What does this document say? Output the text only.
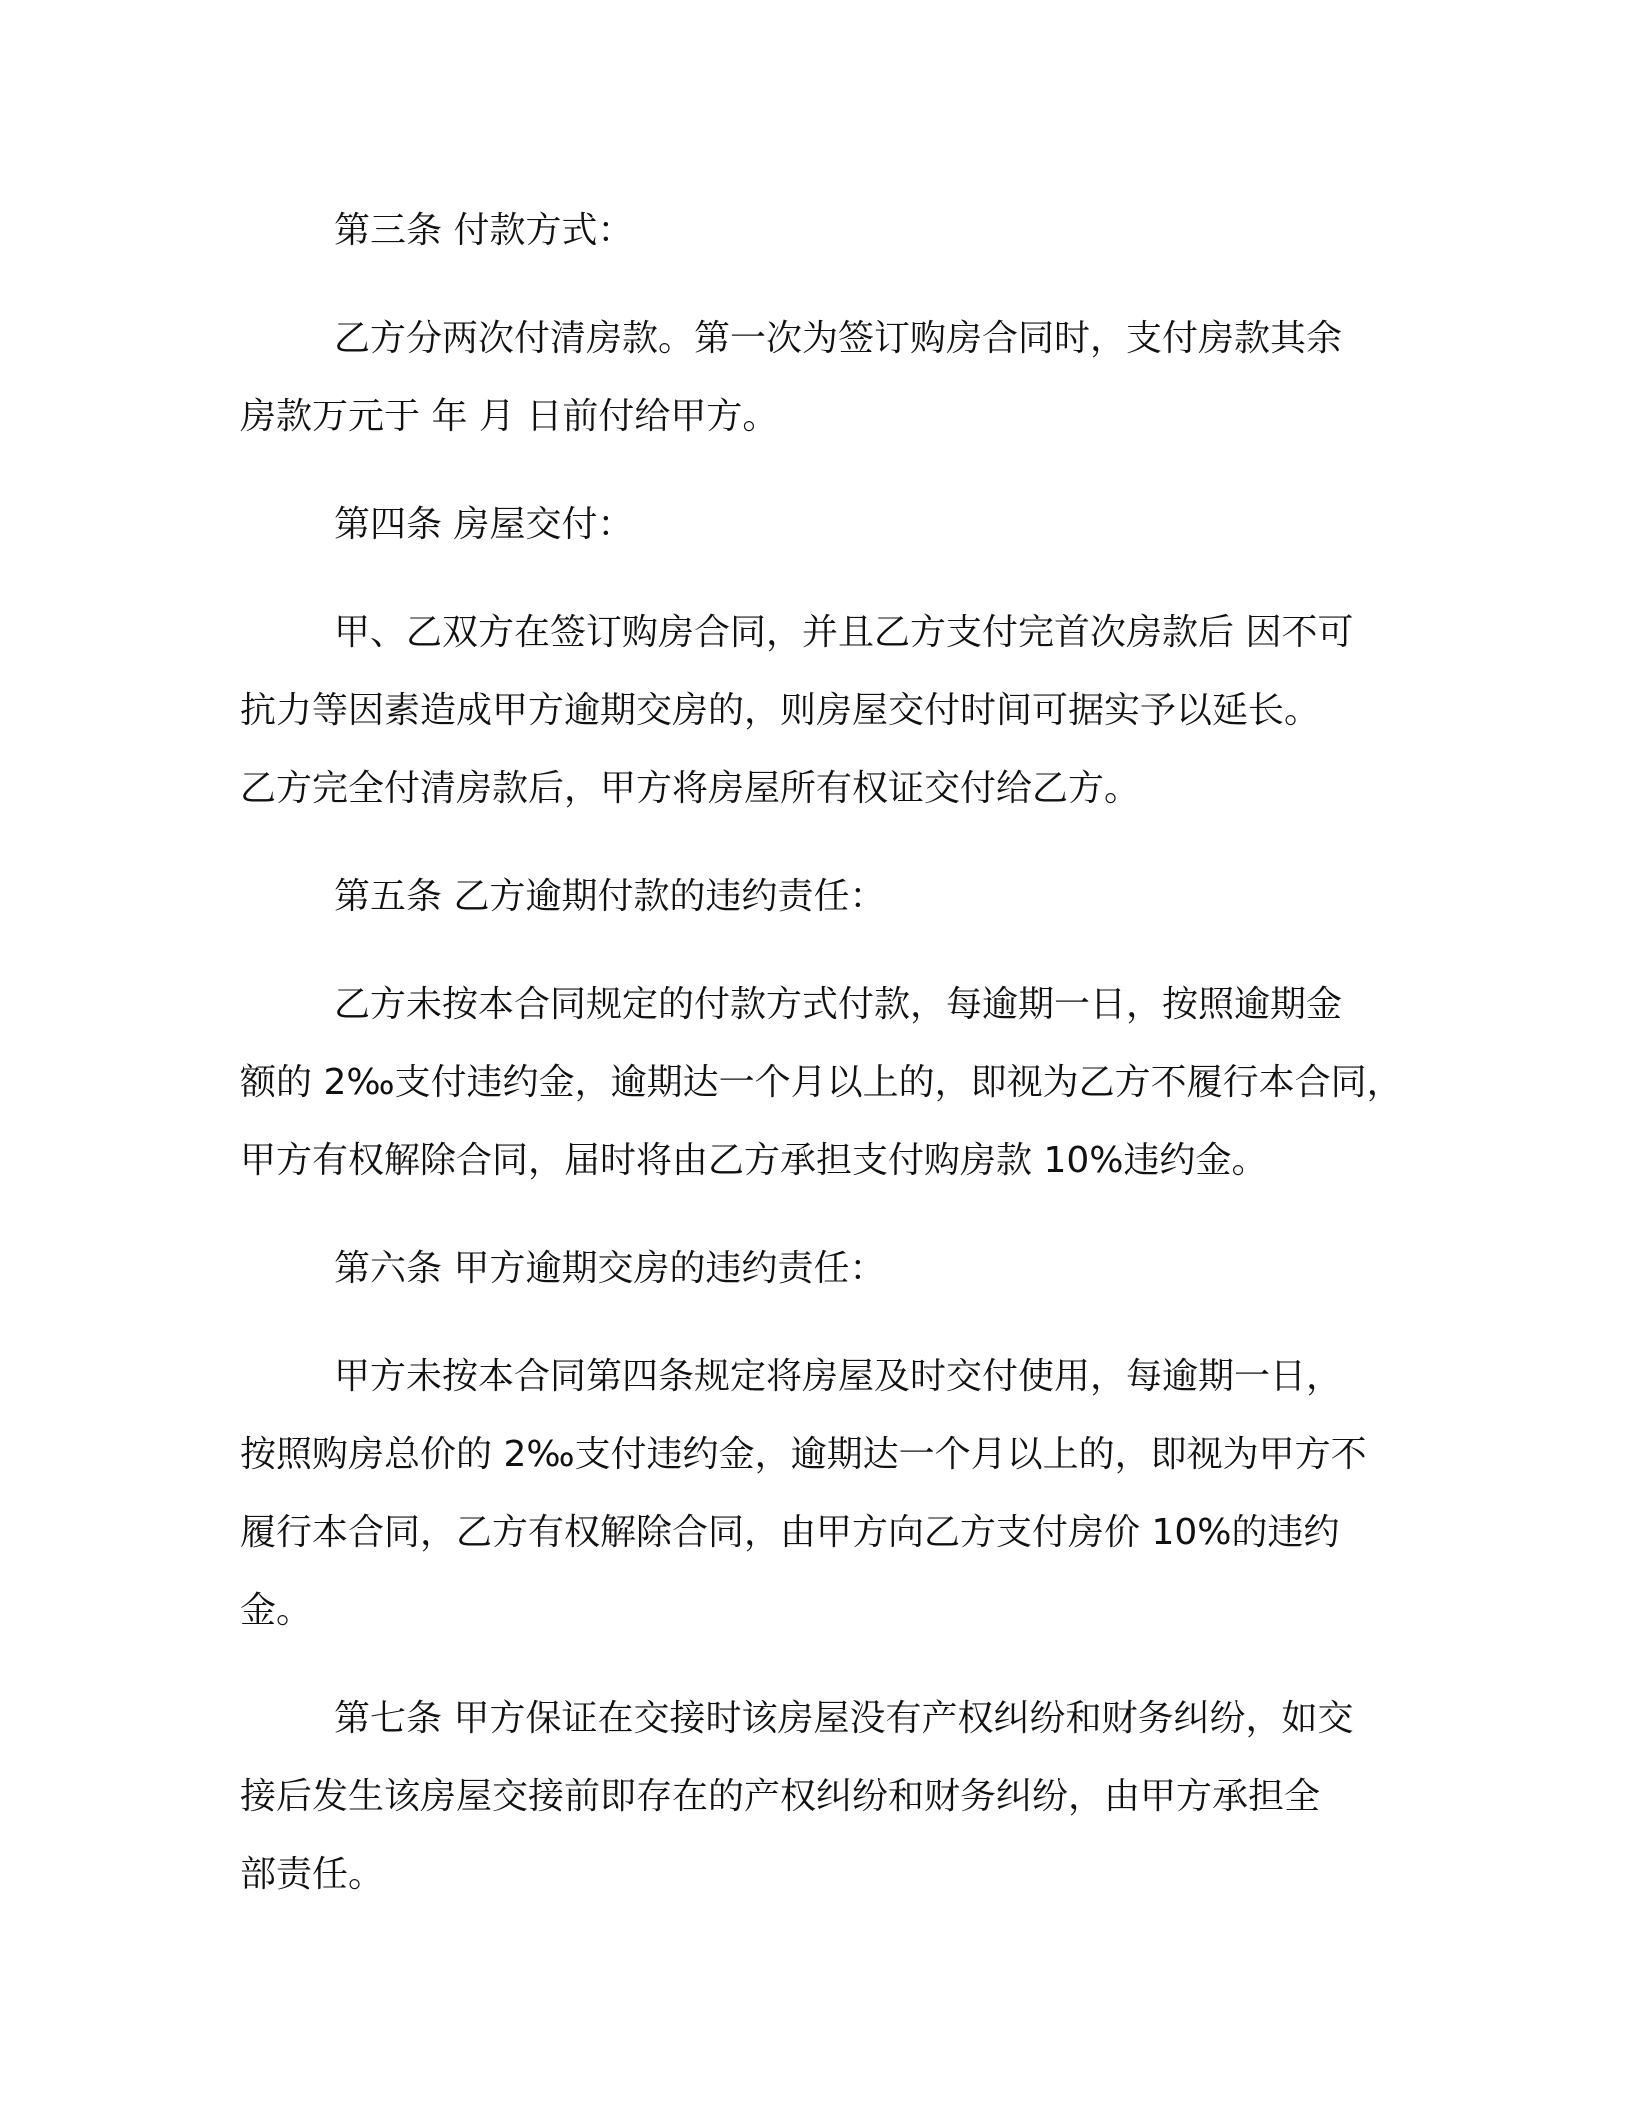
第三条 付款方式：

乙方分两次付清房款。第一次为签订购房合同时，支付房款其余

房款万元于 年 月 日前付给甲方。

第四条 房屋交付：

甲、乙双方在签订购房合同，并且乙方支付完首次房款后 因不可

抗力等因素造成甲方逾期交房的，则房屋交付时间可据实予以延长。

乙方完全付清房款后，甲方将房屋所有权证交付给乙方。

第五条 乙方逾期付款的违约责任：

乙方未按本合同规定的付款方式付款，每逾期一日，按照逾期金

额的 2‰支付违约金，逾期达一个月以上的，即视为乙方不履行本合同，

甲方有权解除合同，届时将由乙方承担支付购房款 10%违约金。

第六条 甲方逾期交房的违约责任：

甲方未按本合同第四条规定将房屋及时交付使用，每逾期一日，

按照购房总价的 2‰支付违约金，逾期达一个月以上的，即视为甲方不

履行本合同，乙方有权解除合同，由甲方向乙方支付房价 10%的违约

金。

第七条 甲方保证在交接时该房屋没有产权纠纷和财务纠纷，如交

接后发生该房屋交接前即存在的产权纠纷和财务纠纷，由甲方承担全

部责任。
